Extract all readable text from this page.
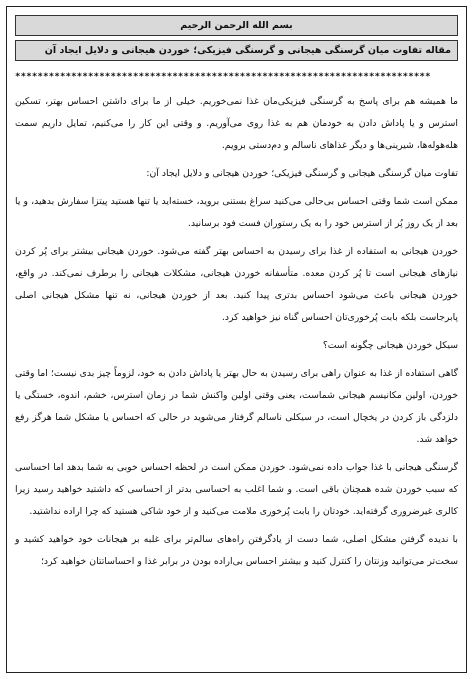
بسم الله الرحمن الرحیم
مقاله تفاوت میان گرسنگی هیجانی و گرسنگی فیزیکی؛ خوردن هیجانی و دلایل ایجاد آن
**************************************************************************

ما همیشه هم برای پاسخ به گرسنگی فیزیکی‌مان غذا نمی‌خوریم. خیلی از ما برای داشتن احساس بهتر، تسکین استرس و یا پاداش دادن به خودمان هم به غذا روی می‌آوریم. و وقتی این کار را می‌کنیم، تمایل داریم سمت هله‌هوله‌ها، شیرینی‌ها و دیگر غذاهای ناسالم و دم‌دستی برویم.

تفاوت میان گرسنگی هیجانی و گرسنگی فیزیکی؛ خوردن هیجانی و دلایل ایجاد آن:

ممکن است شما وقتی احساس بی‌حالی می‌کنید سراغ بستنی بروید، خسته‌اید یا تنها هستید پیتزا سفارش بدهید، و یا بعد از یک روز پُر از استرس خود را به یک رستوران فست فود برسانید.

خوردن هیجانی به استفاده از غذا برای رسیدن به احساس بهتر گفته می‌شود. خوردن هیجانی بیشتر برای پُر کردن نیازهای هیجانی است تا پُر کردن معده. متأسفانه خوردن هیجانی، مشکلات هیجانی را برطرف نمی‌کند. در واقع، خوردن هیجانی باعث می‌شود احساس بدتری پیدا کنید. بعد از خوردن هیجانی، نه تنها مشکل هیجانی اصلی پابرجاست بلکه بابت پُرخوری‌تان احساس گناه نیز خواهید کرد.

سیکل خوردن هیجانی چگونه است؟

گاهی استفاده از غذا به عنوان راهی برای رسیدن به حال بهتر یا پاداش دادن به خود، لزوماً چیز بدی نیست؛ اما وقتی خوردن، اولین مکانیسم هیجانی شماست، یعنی وقتی اولین واکنش شما در زمان استرس، خشم، اندوه، خستگی یا دلزدگی باز کردن در یخچال است، در سیکلی ناسالم گرفتار می‌شوید در حالی که احساس یا مشکل شما هرگز رفع خواهد شد.

گرسنگی هیجانی با غذا جواب داده نمی‌شود. خوردن ممکن است در لحظه احساس خوبی به شما بدهد اما احساسی که سبب خوردن شده همچنان باقی است. و شما اغلب به احساسی بدتر از احساسی که داشتید خواهید رسید زیرا کالری غیرضروری گرفته‌اید. خودتان را بابت پُرخوری ملامت می‌کنید و از خود شاکی هستید که چرا اراده نداشتید.

با ندیده گرفتن مشکل اصلی، شما دست از یادگرفتن راه‌های سالم‌تر برای غلبه بر هیجانات خود خواهید کشید و سخت‌تر می‌توانید وزنتان را کنترل کنید و بیشتر احساس بی‌اراده بودن در برابر غذا و احساساتتان خواهید کرد؛
